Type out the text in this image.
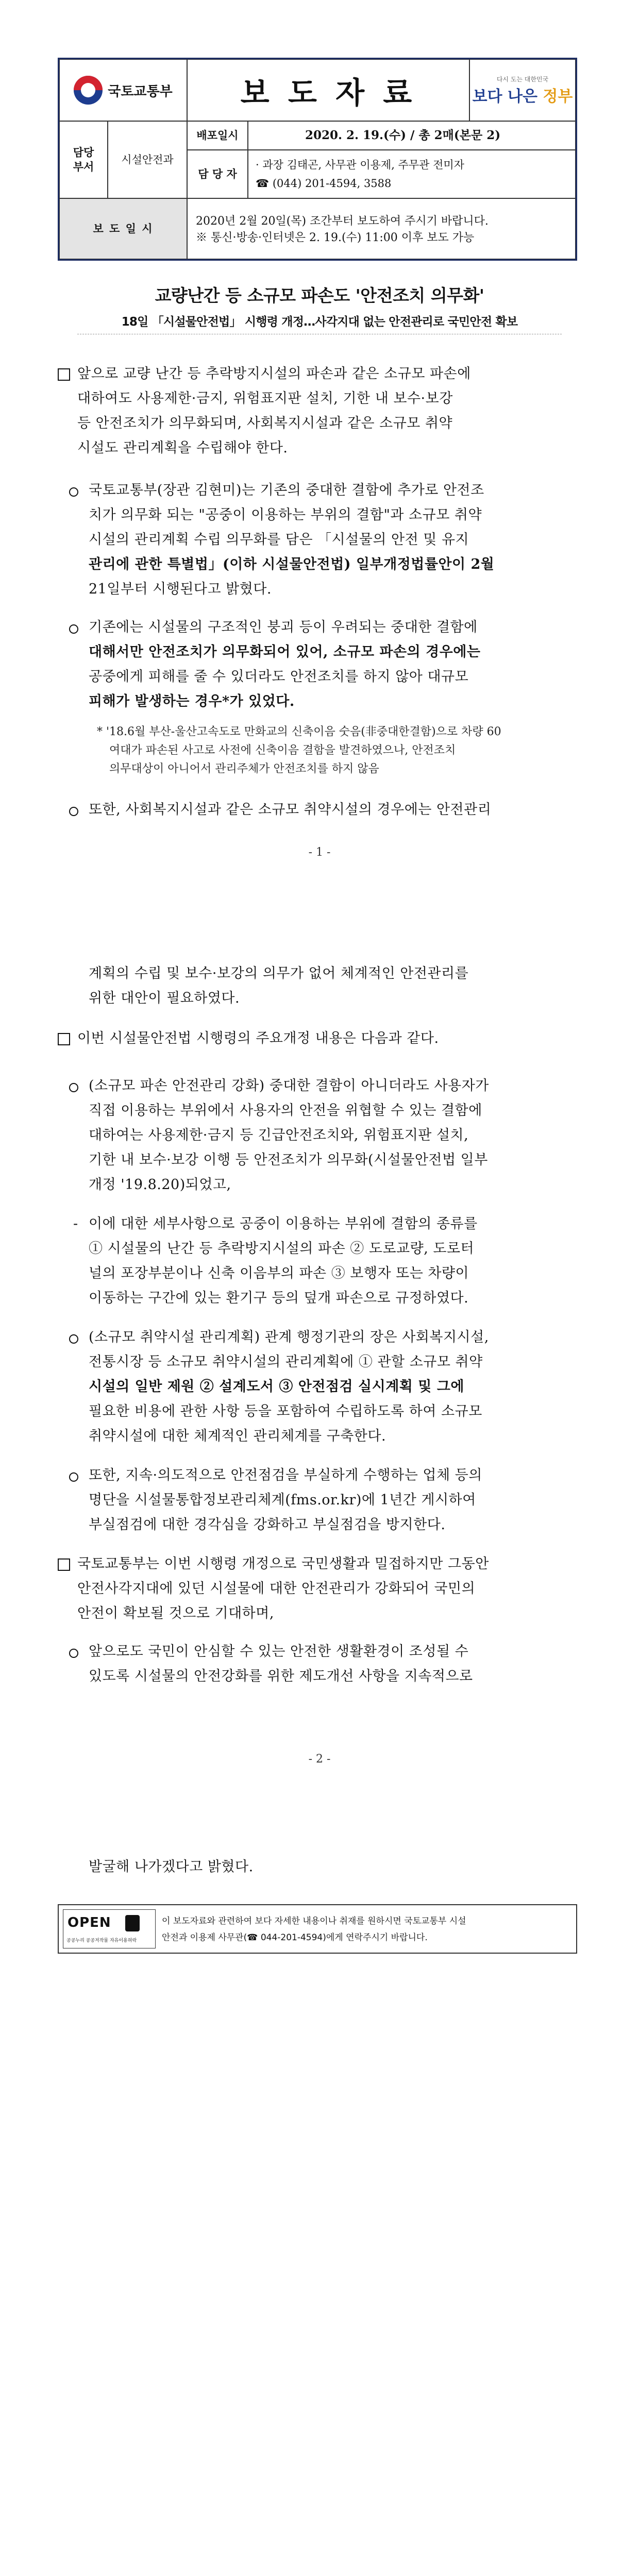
국토교통부 보 도 자 료	다시 도는 대한민국
보다 나은 정부
담당
부서
시설안전과
배포일시	2020. 2. 19.(수) / 총 2매(본문 2)
담 당 자
· 과장 김태곤, 사무관 이용제, 주무관 전미자
☎ (044) 201-4594, 3588
보 도 일 시
2020년 2월 20일(목) 조간부터 보도하여 주시기 바랍니다.
※ 통신·방송·인터넷은 2. 19.(수) 11:00 이후 보도 가능
교량난간 등 소규모 파손도 '안전조치 의무화'
18일 「시설물안전법」 시행령 개정…사각지대 없는 안전관리로 국민안전 확보
앞으로 교량 난간 등 추락방지시설의 파손과 같은 소규모 파손에
대하여도 사용제한·금지, 위험표지판 설치, 기한 내 보수·보강
등 안전조치가 의무화되며, 사회복지시설과 같은 소규모 취약
시설도 관리계획을 수립해야 한다.
국토교통부(장관 김현미)는 기존의 중대한 결함에 추가로 안전조
치가 의무화 되는 "공중이 이용하는 부위의 결함"과 소규모 취약
시설의 관리계획 수립 의무화를 담은 「시설물의 안전 및 유지
관리에 관한 특별법」(이하 시설물안전법) 일부개정법률안이 2월
21일부터 시행된다고 밝혔다.
기존에는 시설물의 구조적인 붕괴 등이 우려되는 중대한 결함에
대해서만 안전조치가 의무화되어 있어, 소규모 파손의 경우에는
공중에게 피해를 줄 수 있더라도 안전조치를 하지 않아 대규모
피해가 발생하는 경우*가 있었다.
* '18.6월 부산-울산고속도로 만화교의 신축이음 숫음(非중대한결함)으로 차량 60
여대가 파손된 사고로 사전에 신축이음 결함을 발견하였으나, 안전조치
의무대상이 아니어서 관리주체가 안전조치를 하지 않음
또한, 사회복지시설과 같은 소규모 취약시설의 경우에는 안전관리
- 1 -
계획의 수립 및 보수·보강의 의무가 없어 체계적인 안전관리를
위한 대안이 필요하였다.
이번 시설물안전법 시행령의 주요개정 내용은 다음과 같다.
(소규모 파손 안전관리 강화) 중대한 결함이 아니더라도 사용자가
직접 이용하는 부위에서 사용자의 안전을 위협할 수 있는 결함에
대하여는 사용제한·금지 등 긴급안전조치와, 위험표지판 설치,
기한 내 보수·보강 이행 등 안전조치가 의무화(시설물안전법 일부
개정 '19.8.20)되었고,
- 이에 대한 세부사항으로 공중이 이용하는 부위에 결함의 종류를
① 시설물의 난간 등 추락방지시설의 파손 ② 도로교량, 도로터
널의 포장부분이나 신축 이음부의 파손 ③ 보행자 또는 차량이
이동하는 구간에 있는 환기구 등의 덮개 파손으로 규정하였다.
(소규모 취약시설 관리계획) 관계 행정기관의 장은 사회복지시설,
전통시장 등 소규모 취약시설의 관리계획에 ① 관할 소규모 취약
시설의 일반 제원 ② 설계도서 ③ 안전점검 실시계획 및 그에
필요한 비용에 관한 사항 등을 포함하여 수립하도록 하여 소규모
취약시설에 대한 체계적인 관리체계를 구축한다.
또한, 지속·의도적으로 안전점검을 부실하게 수행하는 업체 등의
명단을 시설물통합정보관리체계(fms.or.kr)에 1년간 게시하여
부실점검에 대한 경각심을 강화하고 부실점검을 방지한다.
국토교통부는 이번 시행령 개정으로 국민생활과 밀접하지만 그동안
안전사각지대에 있던 시설물에 대한 안전관리가 강화되어 국민의
안전이 확보될 것으로 기대하며,
앞으로도 국민이 안심할 수 있는 안전한 생활환경이 조성될 수
있도록 시설물의 안전강화를 위한 제도개선 사항을 지속적으로
- 2 -
발굴해 나가겠다고 밝혔다.
OPEN
공공누리 공공저작물 자유이용허락
이 보도자료와 관련하여 보다 자세한 내용이나 취재를 원하시면 국토교통부 시설
안전과 이용제 사무관(☎ 044-201-4594)에게 연락주시기 바랍니다.
